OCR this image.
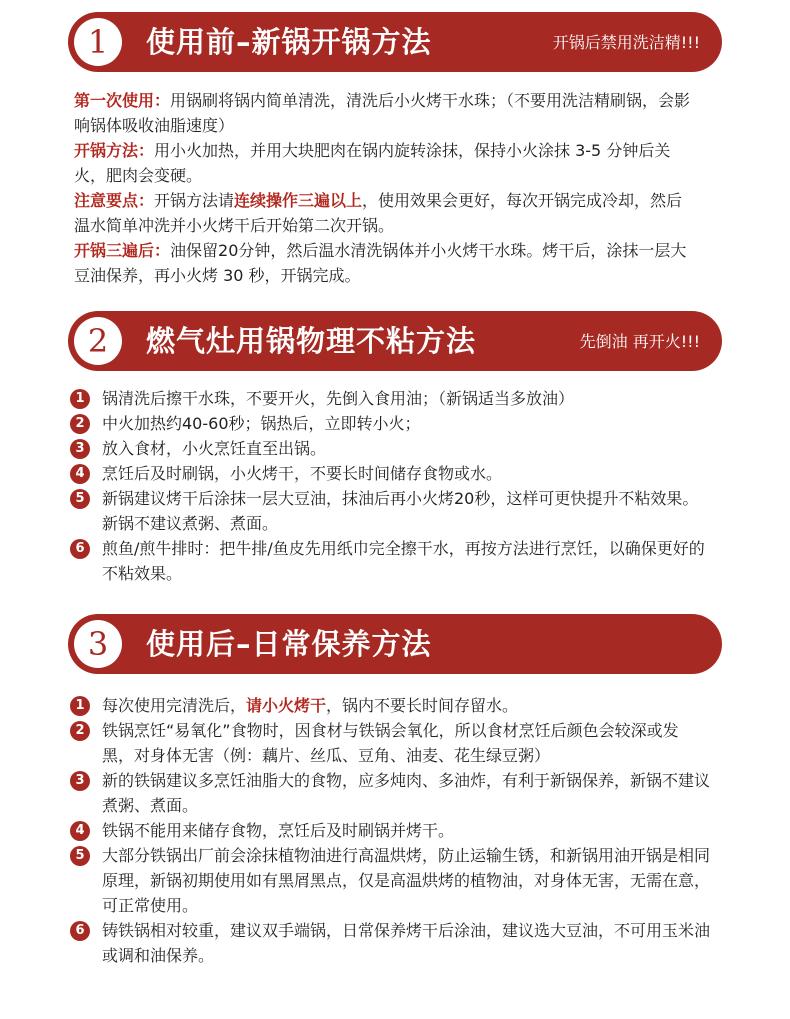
1	使用前–新锅开锅方法	开锅后禁用洗洁精!!!

第一次使用：用锅刷将锅内简单清洗，清洗后小火烤干水珠；（不要用洗洁精刷锅，会影响锅体吸收油脂速度）

开锅方法：用小火加热，并用大块肥肉在锅内旋转涂抹，保持小火涂抹 3-5 分钟后关火，肥肉会变硬。

注意要点：开锅方法请连续操作三遍以上，使用效果会更好，每次开锅完成冷却，然后温水简单冲洗并小火烤干后开始第二次开锅。

开锅三遍后：油保留20分钟，然后温水清洗锅体并小火烤干水珠。烤干后，涂抹一层大豆油保养，再小火烤 30 秒，开锅完成。

2	燃气灶用锅物理不粘方法	先倒油 再开火!!!
1	锅清洗后擦干水珠，不要开火，先倒入食用油；（新锅适当多放油）
2	中火加热约40-60秒；锅热后，立即转小火；
3	放入食材，小火烹饪直至出锅。
4	烹饪后及时刷锅，小火烤干，不要长时间储存食物或水。
5	新锅建议烤干后涂抹一层大豆油，抹油后再小火烤20秒，这样可更快提升不粘效果。新锅不建议煮粥、煮面。
6	煎鱼/煎牛排时：把牛排/鱼皮先用纸巾完全擦干水，再按方法进行烹饪，以确保更好的不粘效果。
3	使用后–日常保养方法
1	每次使用完清洗后，请小火烤干，锅内不要长时间存留水。
2	铁锅烹饪“易氧化”食物时，因食材与铁锅会氧化，所以食材烹饪后颜色会较深或发黑，对身体无害（例：藕片、丝瓜、豆角、油麦、花生绿豆粥）
3	新的铁锅建议多烹饪油脂大的食物，应多炖肉、多油炸，有利于新锅保养，新锅不建议煮粥、煮面。
4	铁锅不能用来储存食物，烹饪后及时刷锅并烤干。
5	大部分铁锅出厂前会涂抹植物油进行高温烘烤，防止运输生锈，和新锅用油开锅是相同原理，新锅初期使用如有黑屑黑点，仅是高温烘烤的植物油，对身体无害，无需在意，可正常使用。
6	铸铁锅相对较重，建议双手端锅，日常保养烤干后涂油，建议选大豆油，不可用玉米油或调和油保养。
